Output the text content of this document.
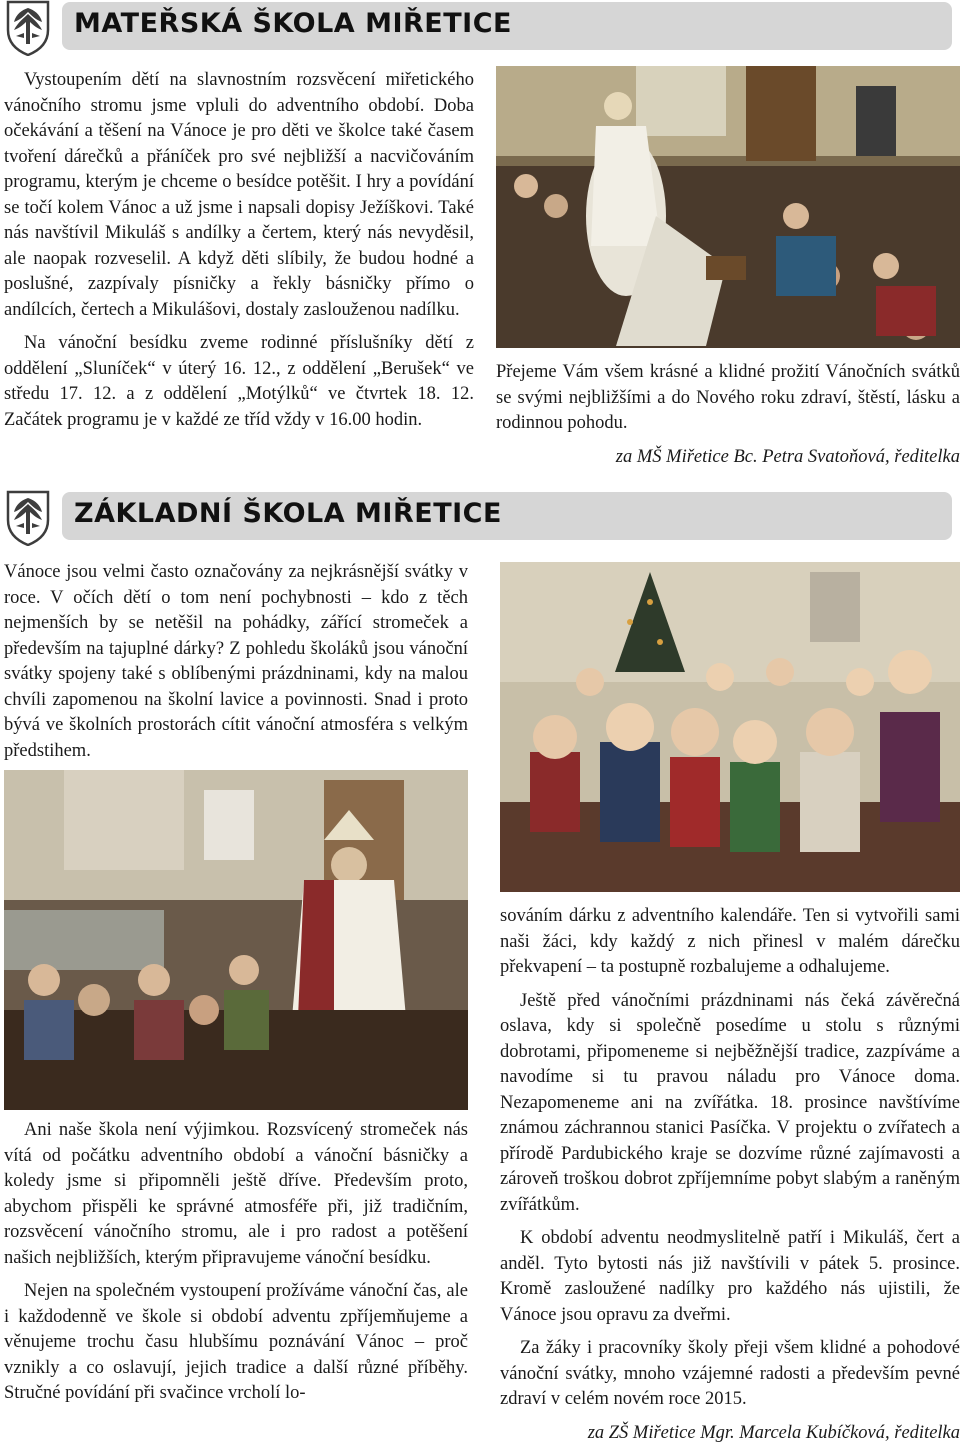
MATEŘSKÁ ŠKOLA MIŘETICE

Vystoupením dětí na slavnostním rozsvěcení miřetického vánočního stromu jsme vpluli do adventního období. Doba očekávání a těšení na Vánoce je pro děti ve školce také časem tvoření dárečků a přáníček pro své nejbližší a nacvičováním programu, kterým je chceme o besídce potěšit. I hry a povídání se točí kolem Vánoc a už jsme i napsali dopisy Ježíškovi. Také nás navštívil Mikuláš s andílky a čertem, který nás nevyděsil, ale naopak rozveselil. A když děti slíbily, že budou hodné a poslušné, zazpívaly písničky a řekly básničky přímo o andílcích, čertech a Mikulášovi, dostaly zaslouženou nadílku.

Na vánoční besídku zveme rodinné příslušníky dětí z oddělení „Sluníček“ v úterý 16. 12., z oddělení „Berušek“ ve středu 17. 12. a z oddělení „Motýlků“ ve čtvrtek 18. 12. Začátek programu je v každé ze tříd vždy v 16.00 hodin.

Přejeme Vám všem krásné a klidné prožití Vánočních svátků se svými nejbližšími a do Nového roku zdraví, štěstí, lásku a rodinnou pohodu.

za MŠ Miřetice Bc. Petra Svatoňová, ředitelka

ZÁKLADNÍ ŠKOLA MIŘETICE

Vánoce jsou velmi často označovány za nejkrásnější svátky v roce. V očích dětí o tom není pochybnosti – kdo z těch nejmenších by se netěšil na pohádky, zářící stromeček a především na tajuplné dárky? Z pohledu školáků jsou vánoční svátky spojeny také s oblíbenými prázdninami, kdy na malou chvíli zapomenou na školní lavice a povinnosti. Snad i proto bývá ve školních prostorách cítit vánoční atmosféra s velkým předstihem.

Ani naše škola není výjimkou. Rozsvícený stromeček nás vítá od počátku adventního období a vánoční básničky a koledy jsme si připomněli ještě dříve. Především proto, abychom přispěli ke správné atmosféře při, již tradičním, rozsvěcení vánočního stromu, ale i pro radost a potěšení našich nejbližších, kterým připravujeme vánoční besídku.

Nejen na společném vystoupení prožíváme vánoční čas, ale i každodenně ve škole si období adventu zpříjemňujeme a věnujeme trochu času hlubšímu poznávání Vánoc – proč vznikly a co oslavují, jejich tradice a další různé příběhy. Stručné povídání při svačince vrcholí lo-

sováním dárku z adventního kalendáře. Ten si vytvořili sami naši žáci, kdy každý z nich přinesl v malém dárečku překvapení – ta postupně rozbalujeme a odhalujeme.

Ještě před vánočními prázdninami nás čeká závěrečná oslava, kdy si společně posedíme u stolu s různými dobrotami, připomeneme si nejběžnější tradice, zazpíváme a navodíme si tu pravou náladu pro Vánoce doma. Nezapomeneme ani na zvířátka. 18. prosince navštívíme známou záchrannou stanici Pasíčka. V projektu o zvířatech a přírodě Pardubického kraje se dozvíme různé zajímavosti a zároveň troškou dobrot zpříjemníme pobyt slabým a raněným zvířátkům.

K období adventu neodmyslitelně patří i Mikuláš, čert a anděl. Tyto bytosti nás již navštívili v pátek 5. prosince. Kromě zasloužené nadílky pro každého nás ujistili, že Vánoce jsou opravu za dveřmi.

Za žáky i pracovníky školy přeji všem klidné a pohodové vánoční svátky, mnoho vzájemné radosti a především pevné zdraví v celém novém roce 2015.

za ZŠ Miřetice Mgr. Marcela Kubíčková, ředitelka
